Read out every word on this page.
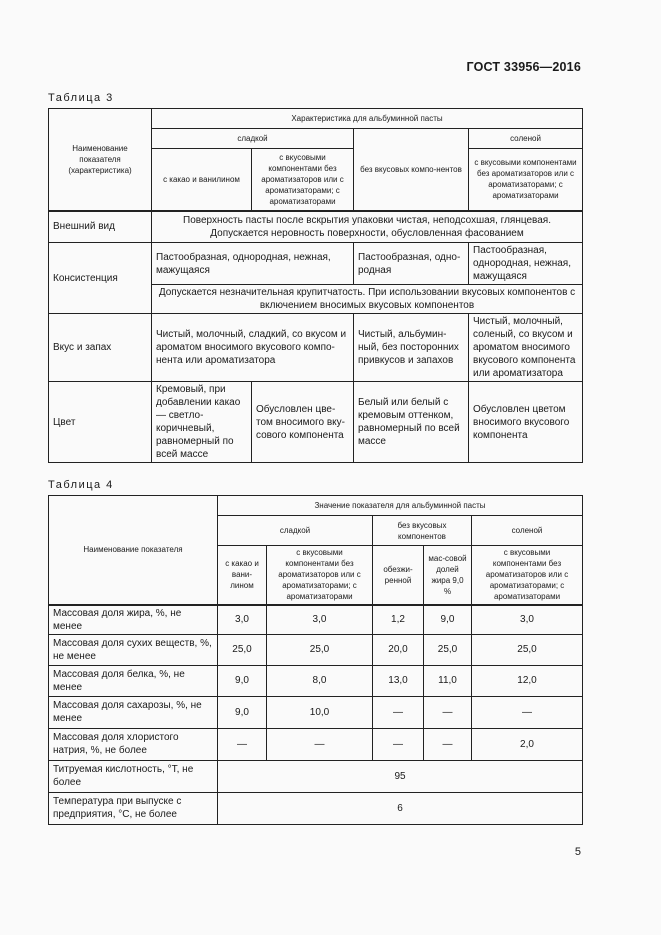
ГОСТ 33956—2016
Таблица 3
Наименование показателя (характеристика)	Характеристика для альбуминной пасты			
	сладкой		без вкусовых компо-нентов	соленой
	с какао и ванилином	с вкусовыми компонентами без ароматизаторов или с ароматизаторами; с ароматизаторами		с вкусовыми компонентами без ароматизаторов или с ароматизаторами; с ароматизаторами
Внешний вид	Поверхность пасты после вскрытия упаковки чистая, неподсохшая, глянцевая. Допускается неровность поверхности, обусловленная фасованием			
Консистенция	Пастообразная, однородная, нежная, мажущаяся		Пастообразная, одно-родная	Пастообразная, однородная, нежная, мажущаяся
	Допускается незначительная крупитчатость. При использовании вкусовых компонентов с включением вносимых вкусовых компонентов			
Вкус и запах	Чистый, молочный, сладкий, со вкусом и ароматом вносимого вкусового компо-нента или ароматизатора		Чистый, альбумин-ный, без посторонних привкусов и запахов	Чистый, молочный, соленый, со вкусом и ароматом вносимого вкусового компонента или ароматизатора
Цвет	Кремовый, при добавлении какао — светло-коричневый, равномерный по всей массе	Обусловлен цве-том вносимого вку-сового компонента	Белый или белый с кремовым оттенком, равномерный по всей массе	Обусловлен цветом вносимого вкусового компонента
Таблица 4
Наименование показателя	Значение показателя для альбуминной пасты				
	сладкой		без вкусовых компонентов		соленой
	с какао и вани-лином	с вкусовыми компонентами без ароматизаторов или с ароматизаторами; с ароматизаторами	обезжи-ренной	мас-совой долей жира 9,0 %	с вкусовыми компонентами без ароматизаторов или с ароматизаторами; с ароматизаторами
Массовая доля жира, %, не менее	3,0	3,0	1,2	9,0	3,0
Массовая доля сухих веществ, %, не менее	25,0	25,0	20,0	25,0	25,0
Массовая доля белка, %, не менее	9,0	8,0	13,0	11,0	12,0
Массовая доля сахарозы, %, не менее	9,0	10,0	—	—	—
Массовая доля хлористого натрия, %, не более	—	—	—	—	2,0
Титруемая кислотность, °Т, не более	95				
Температура при выпуске с предприятия, °С, не более	6				
5
